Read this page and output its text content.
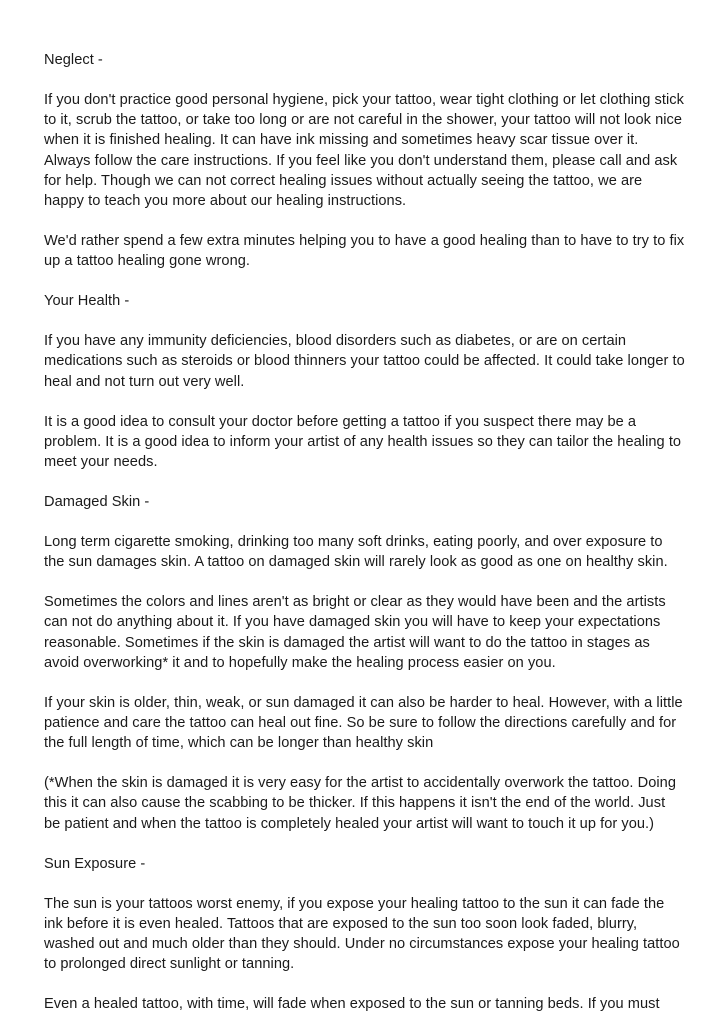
Neglect -
If you don't practice good personal hygiene, pick your tattoo, wear tight clothing or let clothing stick
to it, scrub the tattoo, or take too long or are not careful in the shower, your tattoo will not look nice
when it is finished healing. It can have ink missing and sometimes heavy scar tissue over it.
Always follow the care instructions. If you feel like you don't understand them, please call and ask
for help. Though we can not correct healing issues without actually seeing the tattoo, we are
happy to teach you more about our healing instructions.
We'd rather spend a few extra minutes helping you to have a good healing than to have to try to fix
up a tattoo healing gone wrong.
Your Health -
If you have any immunity deficiencies, blood disorders such as diabetes, or are on certain
medications such as steroids or blood thinners your tattoo could be affected. It could take longer to
heal and not turn out very well.
It is a good idea to consult your doctor before getting a tattoo if you suspect there may be a
problem. It is a good idea to inform your artist of any health issues so they can tailor the healing to
meet your needs.
Damaged Skin -
Long term cigarette smoking, drinking too many soft drinks, eating poorly, and over exposure to
the sun damages skin. A tattoo on damaged skin will rarely look as good as one on healthy skin.
Sometimes the colors and lines aren't as bright or clear as they would have been and the artists
can not do anything about it. If you have damaged skin you will have to keep your expectations
reasonable. Sometimes if the skin is damaged the artist will want to do the tattoo in stages as
avoid overworking* it and to hopefully make the healing process easier on you.
If your skin is older, thin, weak, or sun damaged it can also be harder to heal. However, with a little
patience and care the tattoo can heal out fine. So be sure to follow the directions carefully and for
the full length of time, which can be longer than healthy skin
(*When the skin is damaged it is very easy for the artist to accidentally overwork the tattoo. Doing
this it can also cause the scabbing to be thicker. If this happens it isn't the end of the world. Just
be patient and when the tattoo is completely healed your artist will want to touch it up for you.)
Sun Exposure -
The sun is your tattoos worst enemy, if you expose your healing tattoo to the sun it can fade the
ink before it is even healed. Tattoos that are exposed to the sun too soon look faded, blurry,
washed out and much older than they should. Under no circumstances expose your healing tattoo
to prolonged direct sunlight or tanning.
Even a healed tattoo, with time, will fade when exposed to the sun or tanning beds. If you must
